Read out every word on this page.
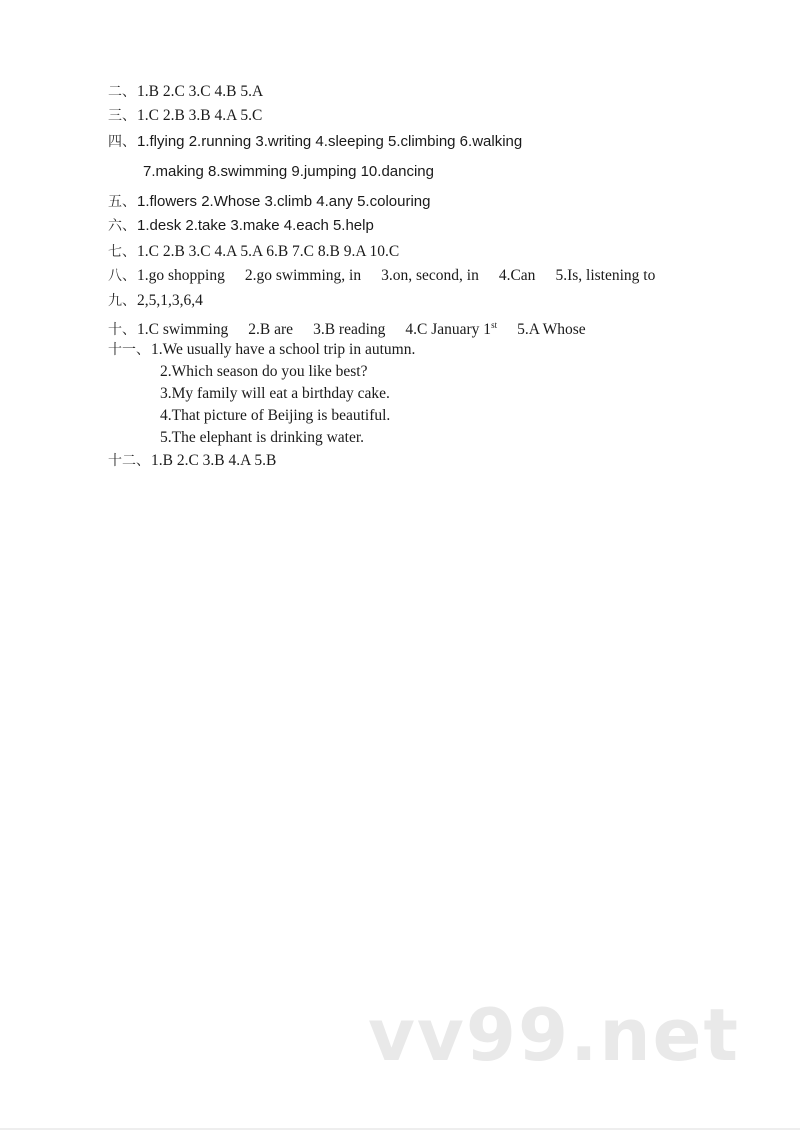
二、1.B 2.C 3.C 4.B 5.A
三、1.C 2.B 3.B 4.A 5.C
四、1.flying 2.running 3.writing 4.sleeping 5.climbing 6.walking
7.making 8.swimming 9.jumping 10.dancing
五、1.flowers 2.Whose 3.climb 4.any 5.colouring
六、1.desk 2.take 3.make 4.each 5.help
七、1.C 2.B 3.C 4.A 5.A 6.B 7.C 8.B 9.A 10.C
八、1.go shopping 2.go swimming, in 3.on, second, in 4.Can 5.Is, listening to
九、2,5,1,3,6,4
十、1.C swimming 2.B are 3.B reading 4.C January 1st 5.A Whose
十一、1.We usually have a school trip in autumn.
2.Which season do you like best?
3.My family will eat a birthday cake.
4.That picture of Beijing is beautiful.
5.The elephant is drinking water.
十二、1.B 2.C 3.B 4.A 5.B
vv99.net
